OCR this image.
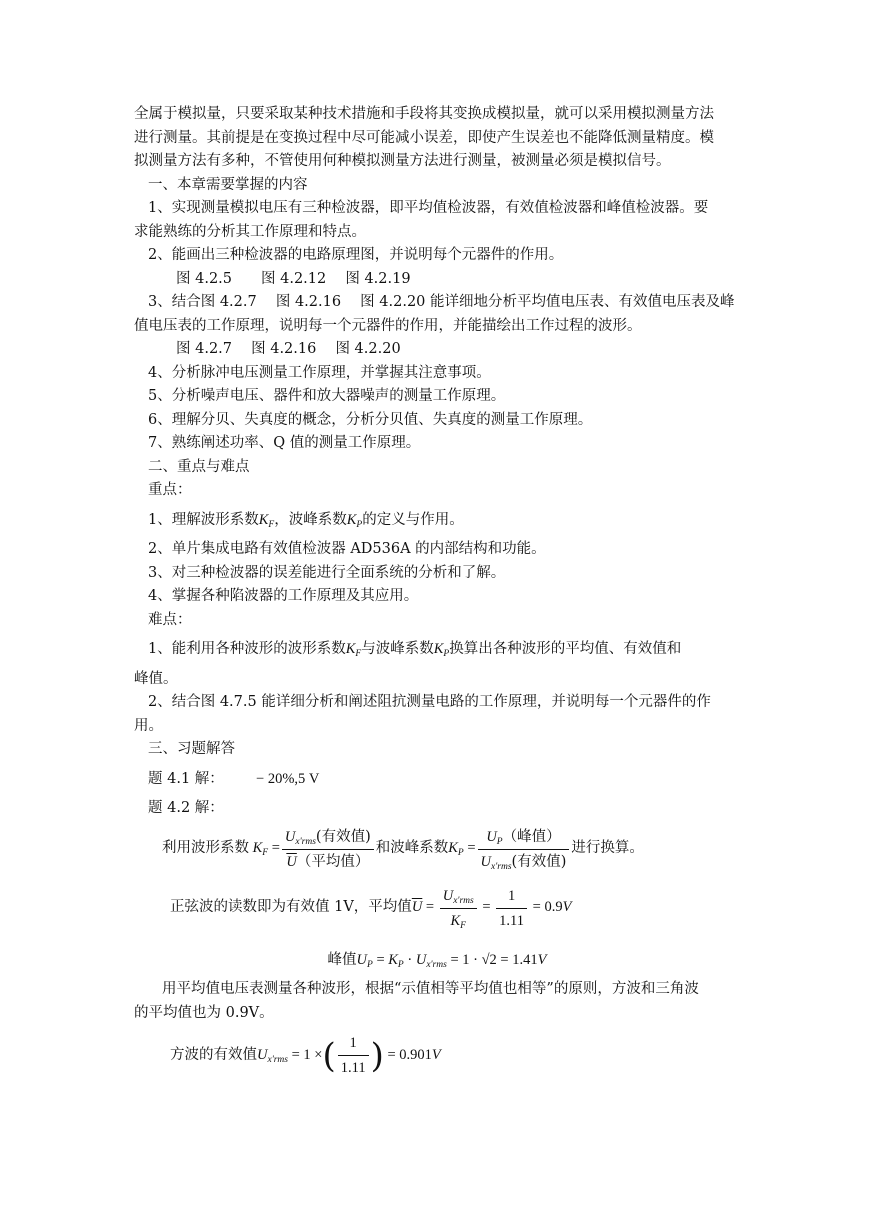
全属于模拟量，只要采取某种技术措施和手段将其变换成模拟量，就可以采用模拟测量方法

进行测量。其前提是在变换过程中尽可能减小误差，即使产生误差也不能降低测量精度。模

拟测量方法有多种，不管使用何种模拟测量方法进行测量，被测量必须是模拟信号。

一、本章需要掌握的内容

1、实现测量模拟电压有三种检波器，即平均值检波器，有效值检波器和峰值检波器。要

求能熟练的分析其工作原理和特点。

2、能画出三种检波器的电路原理图，并说明每个元器件的作用。

图 4.2.5　　图 4.2.12　 图 4.2.19

3、结合图 4.2.7　 图 4.2.16　 图 4.2.20 能详细地分析平均值电压表、有效值电压表及峰

值电压表的工作原理，说明每一个元器件的作用，并能描绘出工作过程的波形。

图 4.2.7　 图 4.2.16　 图 4.2.20

4、分析脉冲电压测量工作原理，并掌握其注意事项。

5、分析噪声电压、器件和放大器噪声的测量工作原理。

6、理解分贝、失真度的概念，分析分贝值、失真度的测量工作原理。

7、熟练阐述功率、Q 值的测量工作原理。

二、重点与难点

重点：

1、理解波形系数$K_F$，波峰系数$K_P$的定义与作用。

2、单片集成电路有效值检波器 AD536A 的内部结构和功能。

3、对三种检波器的误差能进行全面系统的分析和了解。

4、掌握各种陷波器的工作原理及其应用。

难点：

1、能利用各种波形的波形系数$K_F$与波峰系数$K_P$换算出各种波形的平均值、有效值和

峰值。

2、结合图 4.7.5 能详细分析和阐述阻抗测量电路的工作原理，并说明每一个元器件的作

用。

三、习题解答

题 4.1 解： − 20%,5 V

题 4.2 解：

利用波形系数 $K_F = \frac{U_{x'rms}(有效值)}{\overline{U}(平均值)}$ 和波峰系数 $K_P = \frac{U_P(峰值)}{U_{x'rms}(有效值)}$ 进行换算。
正弦波的读数即为有效值 1V，平均值 $\overline{U} = \frac{U_{x'rms}}{K_F} = \frac{1}{1.11} = 0.9$ V
峰值$U_P = K_P \cdot U_{x'rms} = 1 \cdot √2 = 1.41V$

用平均值电压表测量各种波形，根据“示值相等平均值也相等”的原则，方波和三角波

的平均值也为 0.9V。

方波的有效值 $U_{x'rms} = 1$ × ( $\frac{1}{1.11}$ ) = 0.901 V
